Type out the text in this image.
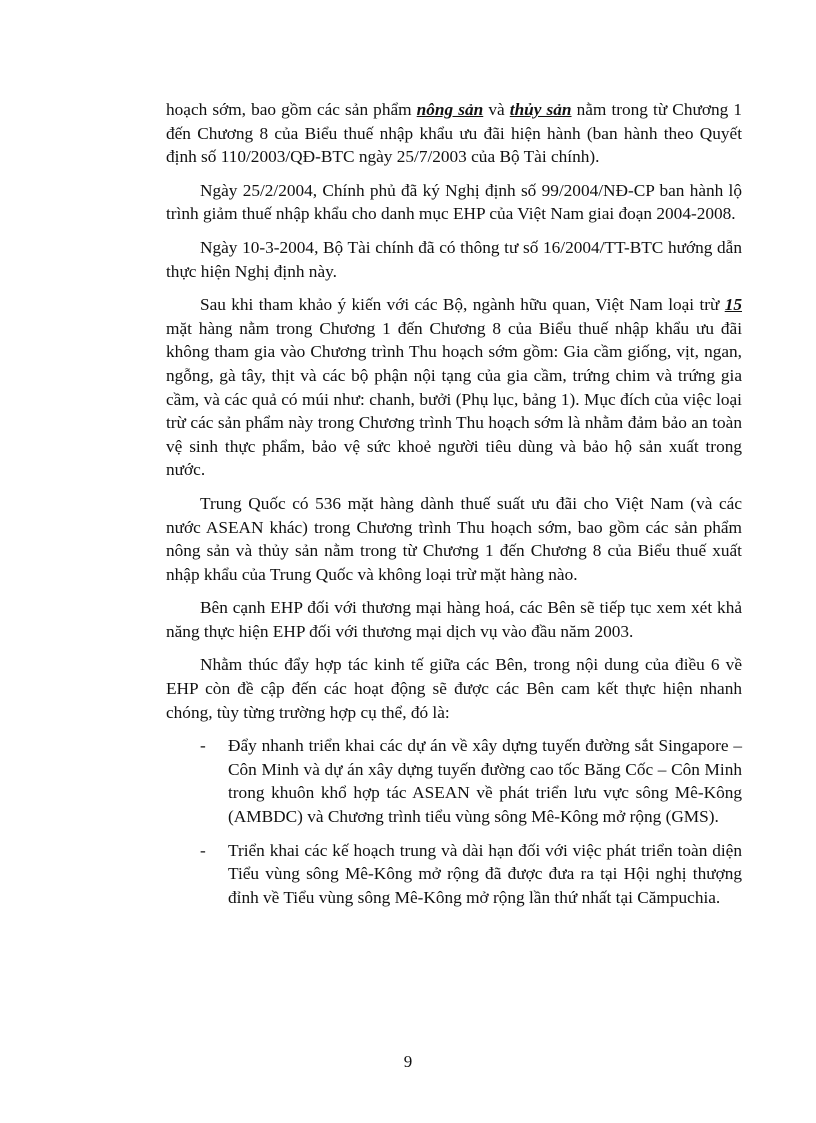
hoạch sớm, bao gồm các sản phẩm nông sản và thủy sản nằm trong từ Chương 1 đến Chương 8 của Biểu thuế nhập khẩu ưu đãi hiện hành (ban hành theo Quyết định số 110/2003/QĐ-BTC ngày 25/7/2003 của Bộ Tài chính).

Ngày 25/2/2004, Chính phủ đã ký Nghị định số 99/2004/NĐ-CP ban hành lộ trình giảm thuế nhập khẩu cho danh mục EHP của Việt Nam giai đoạn 2004-2008.

Ngày 10-3-2004, Bộ Tài chính đã có thông tư số 16/2004/TT-BTC hướng dẫn thực hiện Nghị định này.

Sau khi tham khảo ý kiến với các Bộ, ngành hữu quan, Việt Nam loại trừ 15 mặt hàng nằm trong Chương 1 đến Chương 8 của Biểu thuế nhập khẩu ưu đãi không tham gia vào Chương trình Thu hoạch sớm gồm: Gia cầm giống, vịt, ngan, ngỗng, gà tây, thịt và các bộ phận nội tạng của gia cầm, trứng chim và trứng gia cầm, và các quả có múi như: chanh, bưởi (Phụ lục, bảng 1). Mục đích của việc loại trừ các sản phẩm này trong Chương trình Thu hoạch sớm là nhằm đảm bảo an toàn vệ sinh thực phẩm, bảo vệ sức khoẻ người tiêu dùng và bảo hộ sản xuất trong nước.

Trung Quốc có 536 mặt hàng dành thuế suất ưu đãi cho Việt Nam (và các nước ASEAN khác) trong Chương trình Thu hoạch sớm, bao gồm các sản phẩm nông sản và thủy sản nằm trong từ Chương 1 đến Chương 8 của Biểu thuế xuất nhập khẩu của Trung Quốc và không loại trừ mặt hàng nào.

Bên cạnh EHP đối với thương mại hàng hoá, các Bên sẽ tiếp tục xem xét khả năng thực hiện EHP đối với thương mại dịch vụ vào đầu năm 2003.

Nhằm thúc đẩy hợp tác kinh tế giữa các Bên, trong nội dung của điều 6 về EHP còn đề cập đến các hoạt động sẽ được các Bên cam kết thực hiện nhanh chóng, tùy từng trường hợp cụ thể, đó là:

- Đẩy nhanh triển khai các dự án về xây dựng tuyến đường sắt Singapore – Côn Minh và dự án xây dựng tuyến đường cao tốc Băng Cốc – Côn Minh trong khuôn khổ hợp tác ASEAN về phát triển lưu vực sông Mê-Kông (AMBDC) và Chương trình tiểu vùng sông Mê-Kông mở rộng (GMS).
- Triển khai các kế hoạch trung và dài hạn đối với việc phát triển toàn diện Tiểu vùng sông Mê-Kông mở rộng đã được đưa ra tại Hội nghị thượng đỉnh về Tiểu vùng sông Mê-Kông mở rộng lần thứ nhất tại Cămpuchia.
9
